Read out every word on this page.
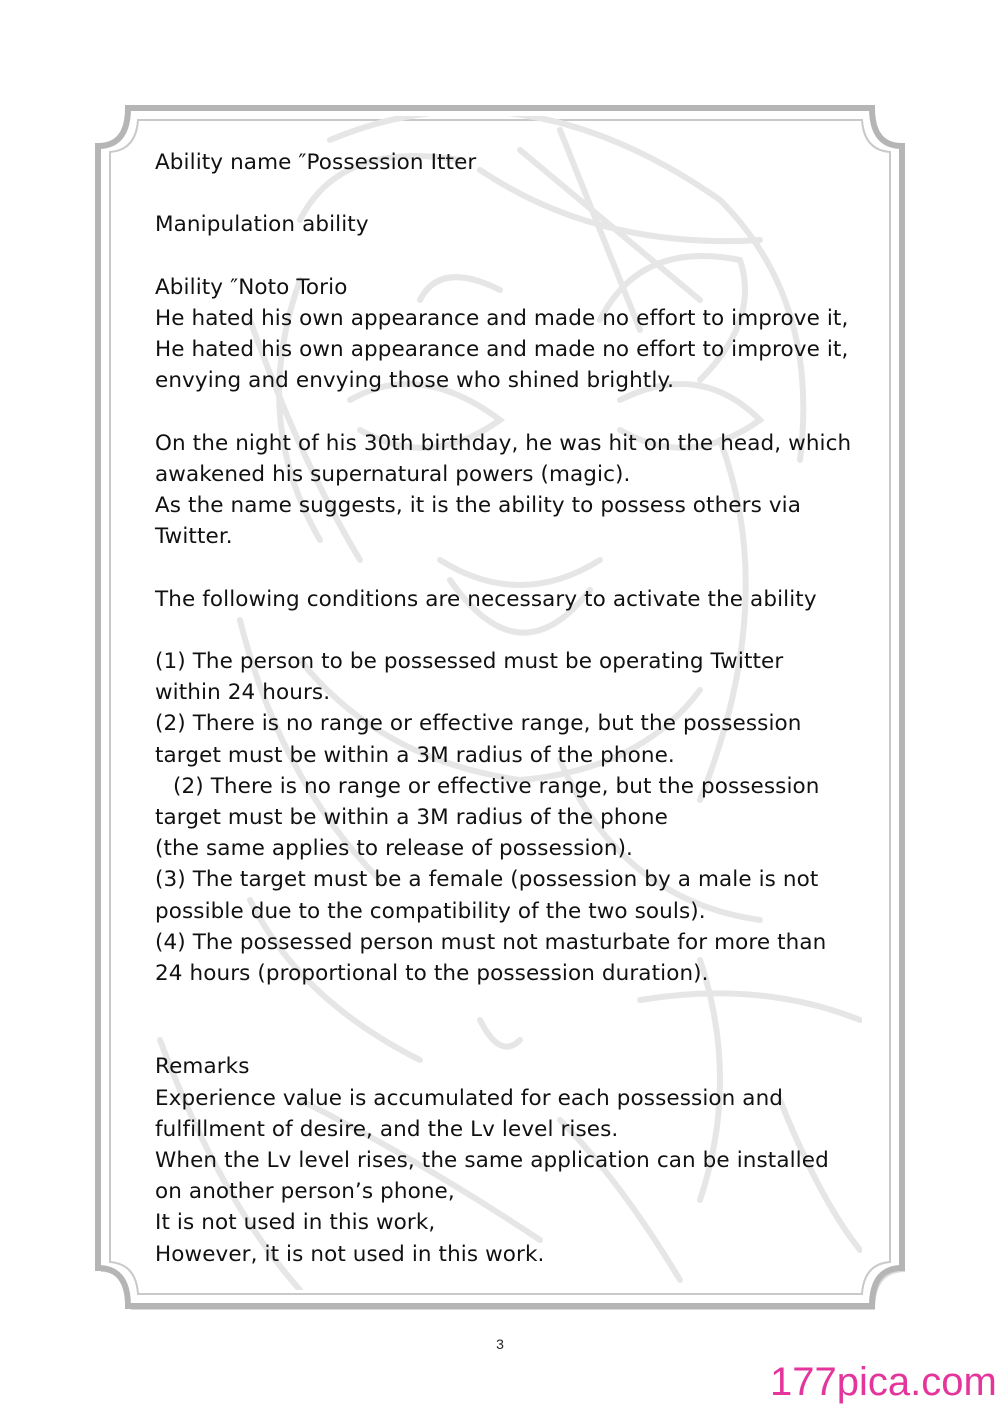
Ability name ″Possession Itter
Manipulation ability
Ability ″Noto Torio
He hated his own appearance and made no effort to improve it,
He hated his own appearance and made no effort to improve it,
envying and envying those who shined brightly.
On the night of his 30th birthday, he was hit on the head, which
awakened his supernatural powers (magic).
As the name suggests, it is the ability to possess others via
Twitter.
The following conditions are necessary to activate the ability
(1) The person to be possessed must be operating Twitter
within 24 hours.
(2) There is no range or effective range, but the possession
target must be within a 3M radius of the phone.
(2) There is no range or effective range, but the possession
target must be within a 3M radius of the phone
(the same applies to release of possession).
(3) The target must be a female (possession by a male is not
possible due to the compatibility of the two souls).
(4) The possessed person must not masturbate for more than
24 hours (proportional to the possession duration).
Remarks
Experience value is accumulated for each possession and
fulfillment of desire, and the Lv level rises.
When the Lv level rises, the same application can be installed
on another person’s phone,
It is not used in this work,
However, it is not used in this work.
3
177pica.com
